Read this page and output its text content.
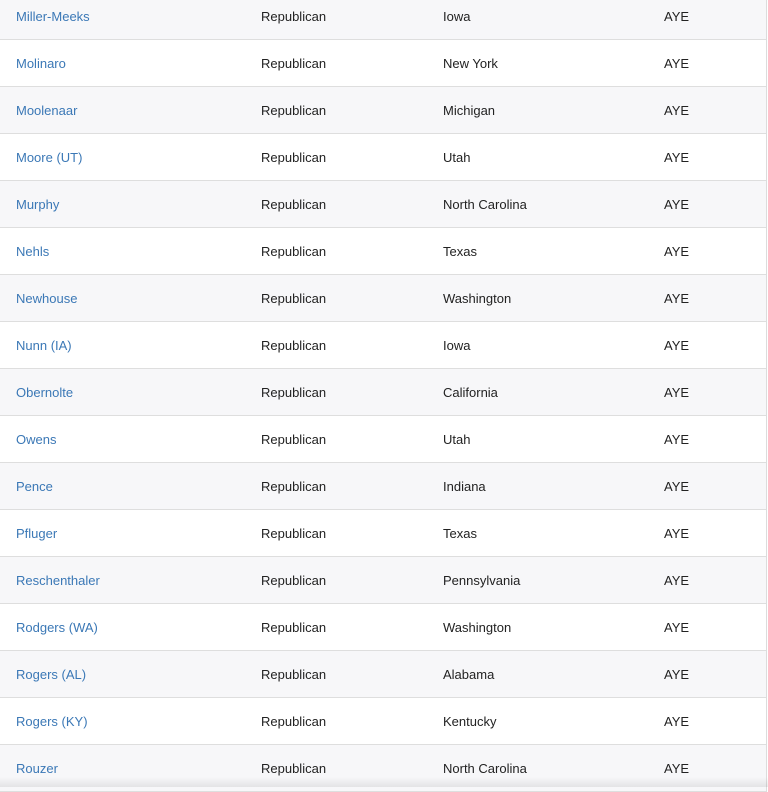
Miller-Meeks	Republican	Iowa	AYE
Molinaro	Republican	New York	AYE
Moolenaar	Republican	Michigan	AYE
Moore (UT)	Republican	Utah	AYE
Murphy	Republican	North Carolina	AYE
Nehls	Republican	Texas	AYE
Newhouse	Republican	Washington	AYE
Nunn (IA)	Republican	Iowa	AYE
Obernolte	Republican	California	AYE
Owens	Republican	Utah	AYE
Pence	Republican	Indiana	AYE
Pfluger	Republican	Texas	AYE
Reschenthaler	Republican	Pennsylvania	AYE
Rodgers (WA)	Republican	Washington	AYE
Rogers (AL)	Republican	Alabama	AYE
Rogers (KY)	Republican	Kentucky	AYE
Rouzer	Republican	North Carolina	AYE
